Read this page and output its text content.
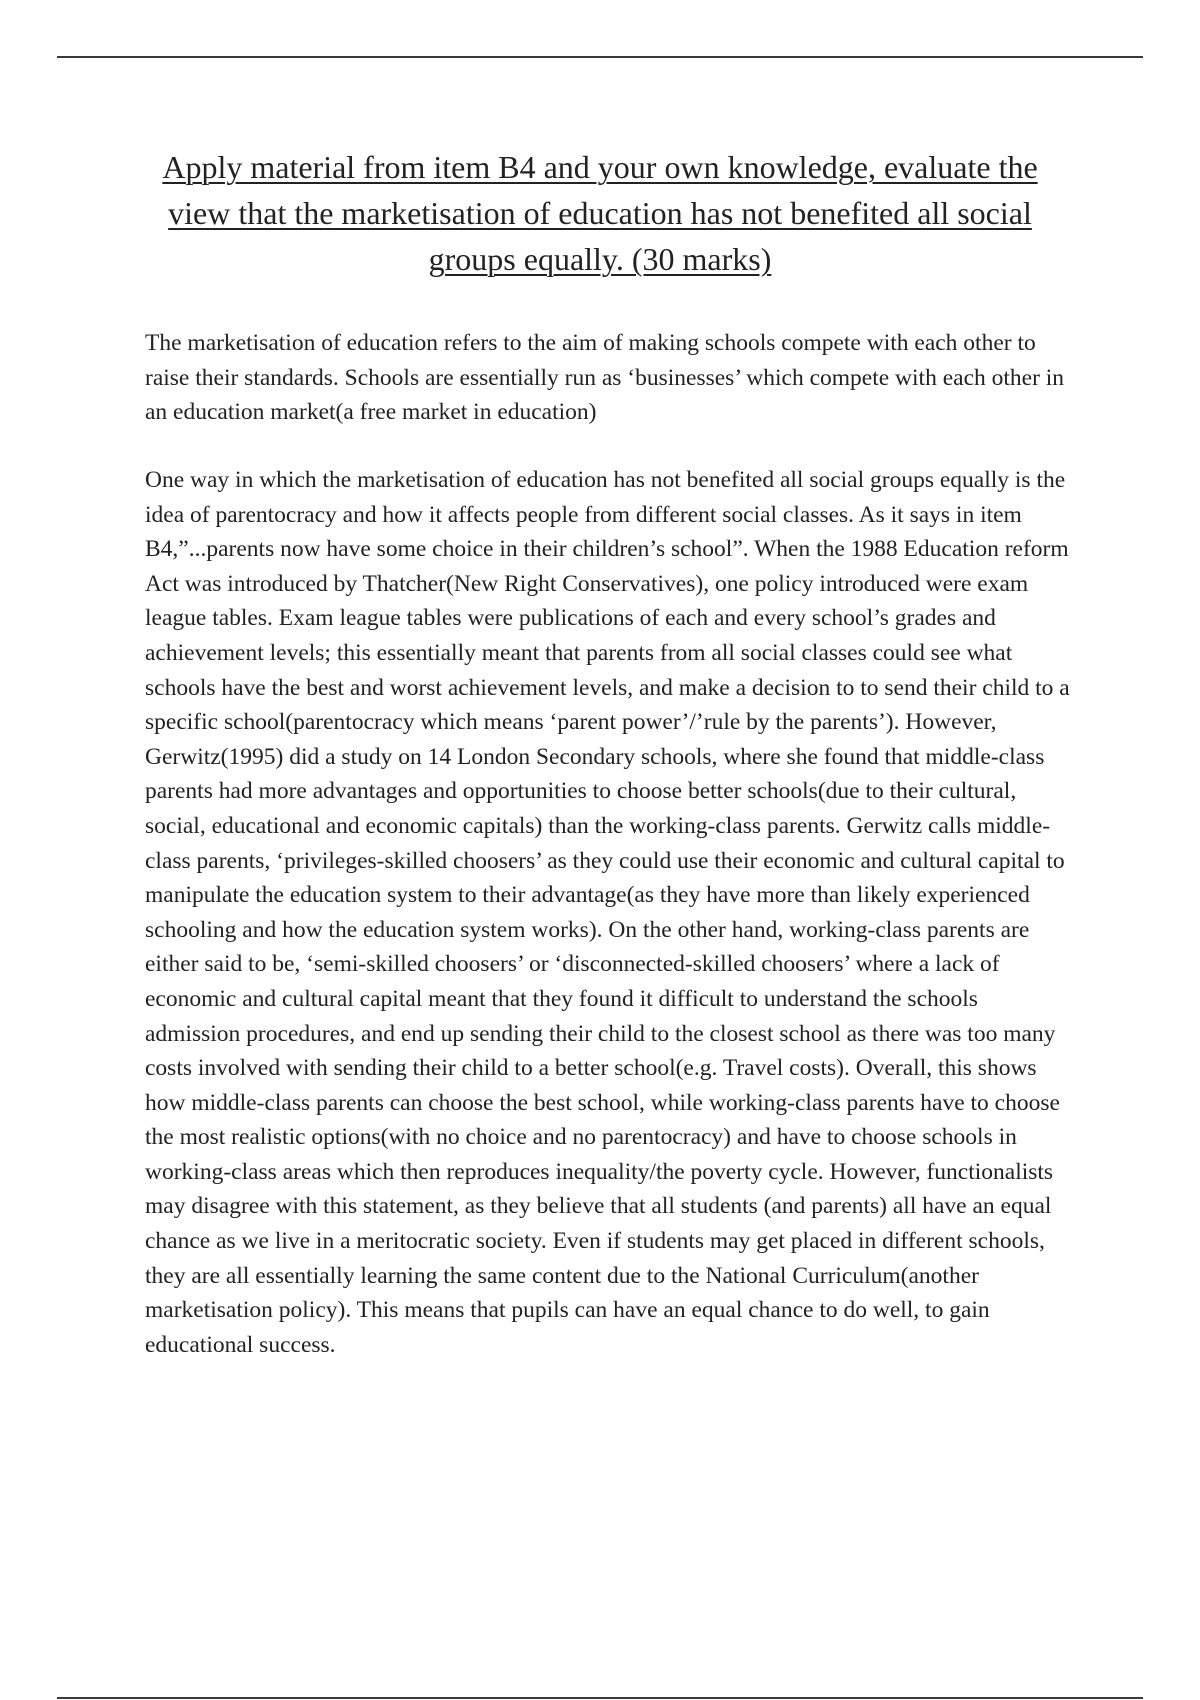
Apply material from item B4 and your own knowledge, evaluate the view that the marketisation of education has not benefited all social groups equally. (30 marks)

The marketisation of education refers to the aim of making schools compete with each other to raise their standards. Schools are essentially run as ‘businesses’ which compete with each other in an education market(a free market in education)

One way in which the marketisation of education has not benefited all social groups equally is the idea of parentocracy and how it affects people from different social classes. As it says in item B4,”...parents now have some choice in their children’s school”. When the 1988 Education reform Act was introduced by Thatcher(New Right Conservatives), one policy introduced were exam league tables. Exam league tables were publications of each and every school’s grades and achievement levels; this essentially meant that parents from all social classes could see what schools have the best and worst achievement levels, and make a decision to to send their child to a specific school(parentocracy which means ‘parent power’/’rule by the parents’). However, Gerwitz(1995) did a study on 14 London Secondary schools, where she found that middle-class parents had more advantages and opportunities to choose better schools(due to their cultural, social, educational and economic capitals) than the working-class parents. Gerwitz calls middle-class parents, ‘privileges-skilled choosers’ as they could use their economic and cultural capital to manipulate the education system to their advantage(as they have more than likely experienced schooling and how the education system works). On the other hand, working-class parents are either said to be, ‘semi-skilled choosers’ or ‘disconnected-skilled choosers’ where a lack of economic and cultural capital meant that they found it difficult to understand the schools admission procedures, and end up sending their child to the closest school as there was too many costs involved with sending their child to a better school(e.g. Travel costs). Overall, this shows how middle-class parents can choose the best school, while working-class parents have to choose the most realistic options(with no choice and no parentocracy) and have to choose schools in working-class areas which then reproduces inequality/the poverty cycle. However, functionalists may disagree with this statement, as they believe that all students (and parents) all have an equal chance as we live in a meritocratic society. Even if students may get placed in different schools, they are all essentially learning the same content due to the National Curriculum(another marketisation policy). This means that pupils can have an equal chance to do well, to gain educational success.
